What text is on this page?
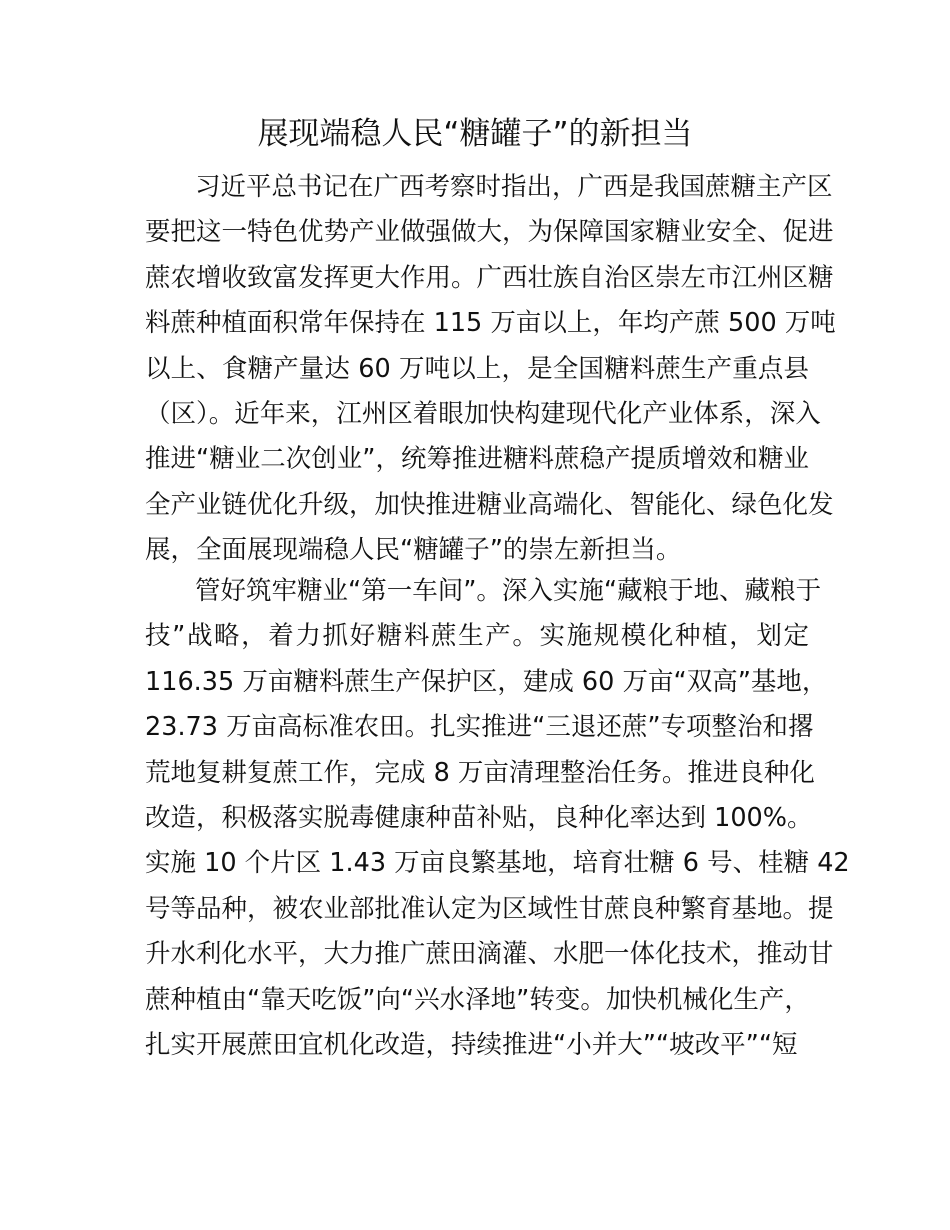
展现端稳人民“糖罐子”的新担当
习近平总书记在广西考察时指出，广西是我国蔗糖主产区
要把这一特色优势产业做强做大，为保障国家糖业安全、促进
蔗农增收致富发挥更大作用。广西壮族自治区崇左市江州区糖
料蔗种植面积常年保持在 115 万亩以上，年均产蔗 500 万吨
以上、食糖产量达 60 万吨以上，是全国糖料蔗生产重点县
（区）。近年来，江州区着眼加快构建现代化产业体系，深入
推进“糖业二次创业”，统筹推进糖料蔗稳产提质增效和糖业
全产业链优化升级，加快推进糖业高端化、智能化、绿色化发
展，全面展现端稳人民“糖罐子”的崇左新担当。
管好筑牢糖业“第一车间”。深入实施“藏粮于地、藏粮于
技”战略，着力抓好糖料蔗生产。实施规模化种植，划定
116.35 万亩糖料蔗生产保护区，建成 60 万亩“双高”基地，
23.73 万亩高标准农田。扎实推进“三退还蔗”专项整治和撂
荒地复耕复蔗工作，完成 8 万亩清理整治任务。推进良种化
改造，积极落实脱毒健康种苗补贴，良种化率达到 100%。
实施 10 个片区 1.43 万亩良繁基地，培育壮糖 6 号、桂糖 42
号等品种，被农业部批准认定为区域性甘蔗良种繁育基地。提
升水利化水平，大力推广蔗田滴灌、水肥一体化技术，推动甘
蔗种植由“靠天吃饭”向“兴水泽地”转变。加快机械化生产，
扎实开展蔗田宜机化改造，持续推进“小并大”“坡改平”“短
